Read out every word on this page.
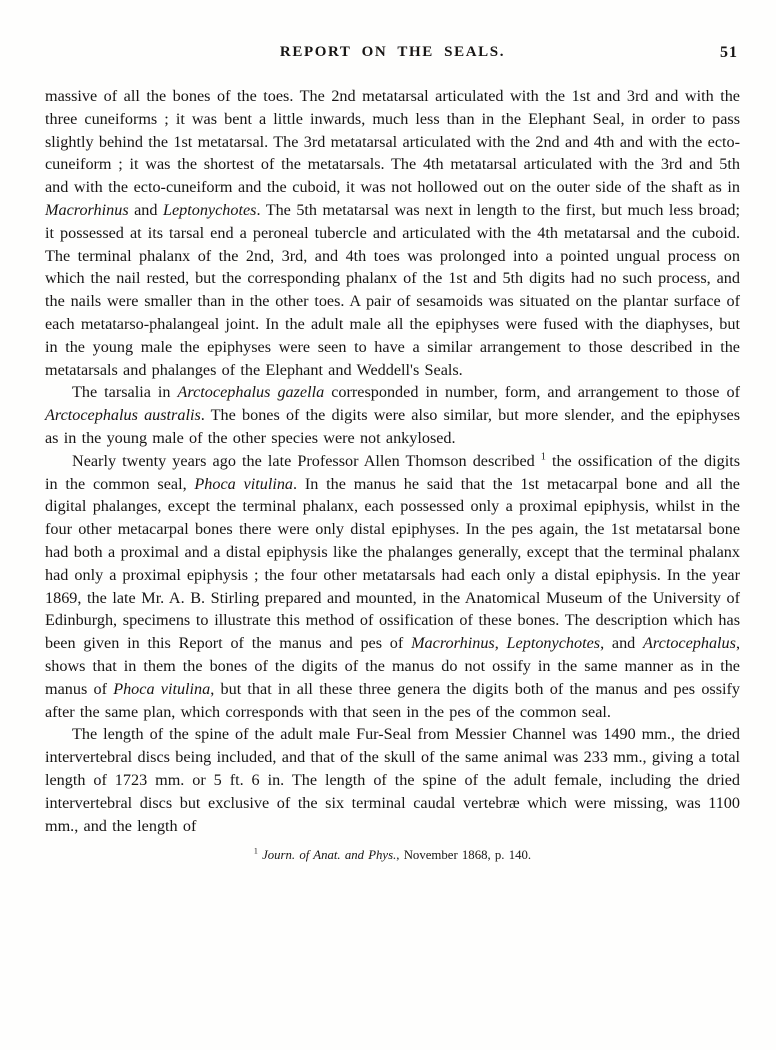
REPORT ON THE SEALS.	51

massive of all the bones of the toes. The 2nd metatarsal articulated with the 1st and 3rd and with the three cuneiforms ; it was bent a little inwards, much less than in the Elephant Seal, in order to pass slightly behind the 1st metatarsal. The 3rd metatarsal articulated with the 2nd and 4th and with the ecto-cuneiform ; it was the shortest of the metatarsals. The 4th metatarsal articulated with the 3rd and 5th and with the ecto-cuneiform and the cuboid, it was not hollowed out on the outer side of the shaft as in Macrorhinus and Leptonychotes. The 5th metatarsal was next in length to the first, but much less broad; it possessed at its tarsal end a peroneal tubercle and articulated with the 4th metatarsal and the cuboid. The terminal phalanx of the 2nd, 3rd, and 4th toes was prolonged into a pointed ungual process on which the nail rested, but the corresponding phalanx of the 1st and 5th digits had no such process, and the nails were smaller than in the other toes. A pair of sesamoids was situated on the plantar surface of each metatarso-phalangeal joint. In the adult male all the epiphyses were fused with the diaphyses, but in the young male the epiphyses were seen to have a similar arrangement to those described in the metatarsals and phalanges of the Elephant and Weddell's Seals.

The tarsalia in Arctocephalus gazella corresponded in number, form, and arrangement to those of Arctocephalus australis. The bones of the digits were also similar, but more slender, and the epiphyses as in the young male of the other species were not ankylosed.

Nearly twenty years ago the late Professor Allen Thomson described $^1$ the ossification of the digits in the common seal, Phoca vitulina. In the manus he said that the 1st metacarpal bone and all the digital phalanges, except the terminal phalanx, each possessed only a proximal epiphysis, whilst in the four other metacarpal bones there were only distal epiphyses. In the pes again, the 1st metatarsal bone had both a proximal and a distal epiphysis like the phalanges generally, except that the terminal phalanx had only a proximal epiphysis ; the four other metatarsals had each only a distal epiphysis. In the year 1869, the late Mr. A. B. Stirling prepared and mounted, in the Anatomical Museum of the University of Edinburgh, specimens to illustrate this method of ossification of these bones. The description which has been given in this Report of the manus and pes of Macrorhinus, Leptonychotes, and Arctocephalus, shows that in them the bones of the digits of the manus do not ossify in the same manner as in the manus of Phoca vitulina, but that in all these three genera the digits both of the manus and pes ossify after the same plan, which corresponds with that seen in the pes of the common seal.

The length of the spine of the adult male Fur-Seal from Messier Channel was 1490 mm., the dried intervertebral discs being included, and that of the skull of the same animal was 233 mm., giving a total length of 1723 mm. or 5 ft. 6 in. The length of the spine of the adult female, including the dried intervertebral discs but exclusive of the six terminal caudal vertebræ which were missing, was 1100 mm., and the length of

$^1$ Journ. of Anat. and Phys., November 1868, p. 140.
